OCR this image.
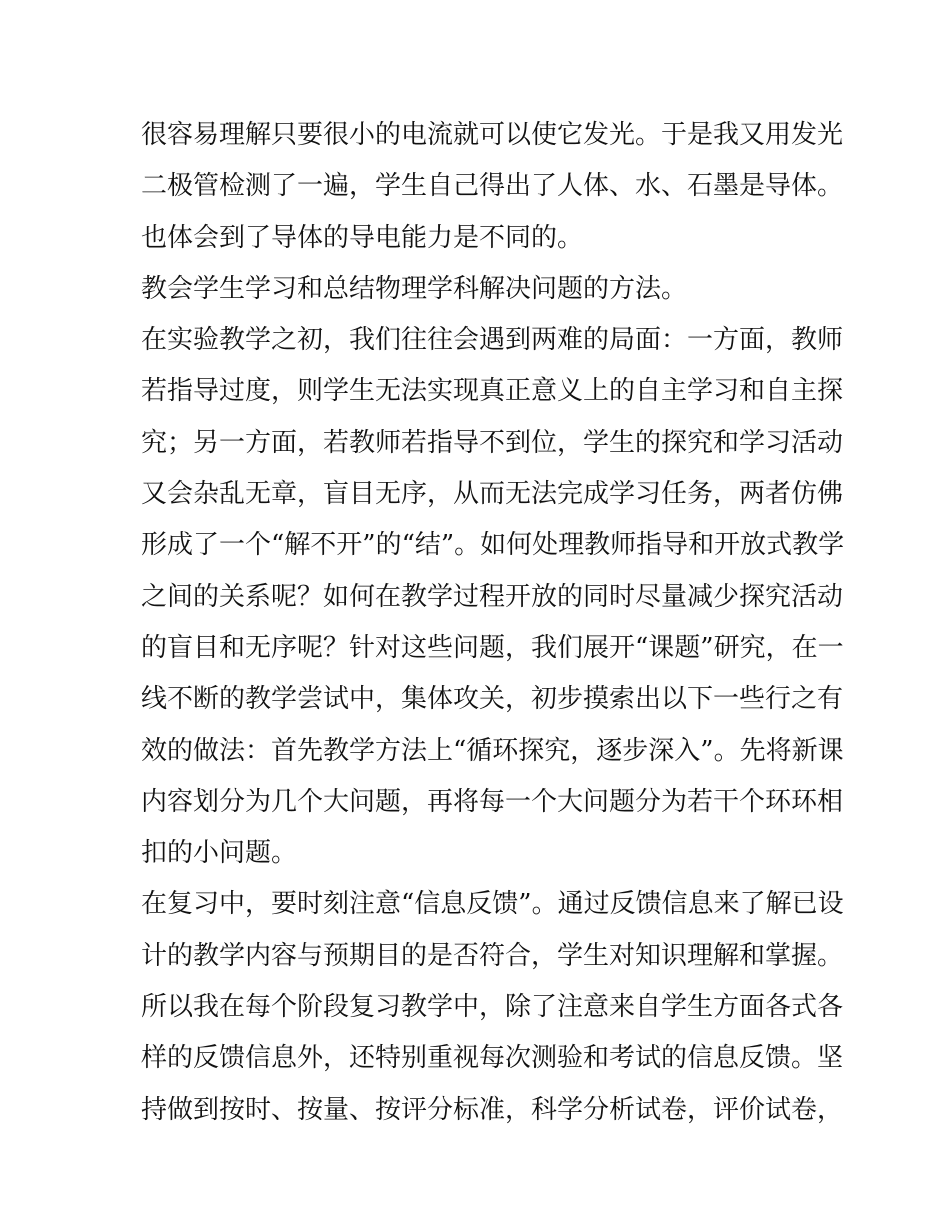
很容易理解只要很小的电流就可以使它发光。于是我又用发光
二极管检测了一遍，学生自己得出了人体、水、石墨是导体。
也体会到了导体的导电能力是不同的。
教会学生学习和总结物理学科解决问题的方法。
在实验教学之初，我们往往会遇到两难的局面：一方面，教师
若指导过度，则学生无法实现真正意义上的自主学习和自主探
究；另一方面，若教师若指导不到位，学生的探究和学习活动
又会杂乱无章，盲目无序，从而无法完成学习任务，两者仿佛
形成了一个“解不开”的“结”。如何处理教师指导和开放式教学
之间的关系呢？如何在教学过程开放的同时尽量减少探究活动
的盲目和无序呢？针对这些问题，我们展开“课题”研究，在一
线不断的教学尝试中，集体攻关，初步摸索出以下一些行之有
效的做法：首先教学方法上“循环探究，逐步深入”。先将新课
内容划分为几个大问题，再将每一个大问题分为若干个环环相
扣的小问题。
在复习中，要时刻注意“信息反馈”。通过反馈信息来了解已设
计的教学内容与预期目的是否符合，学生对知识理解和掌握。
所以我在每个阶段复习教学中，除了注意来自学生方面各式各
样的反馈信息外，还特别重视每次测验和考试的信息反馈。坚
持做到按时、按量、按评分标准，科学分析试卷，评价试卷，
